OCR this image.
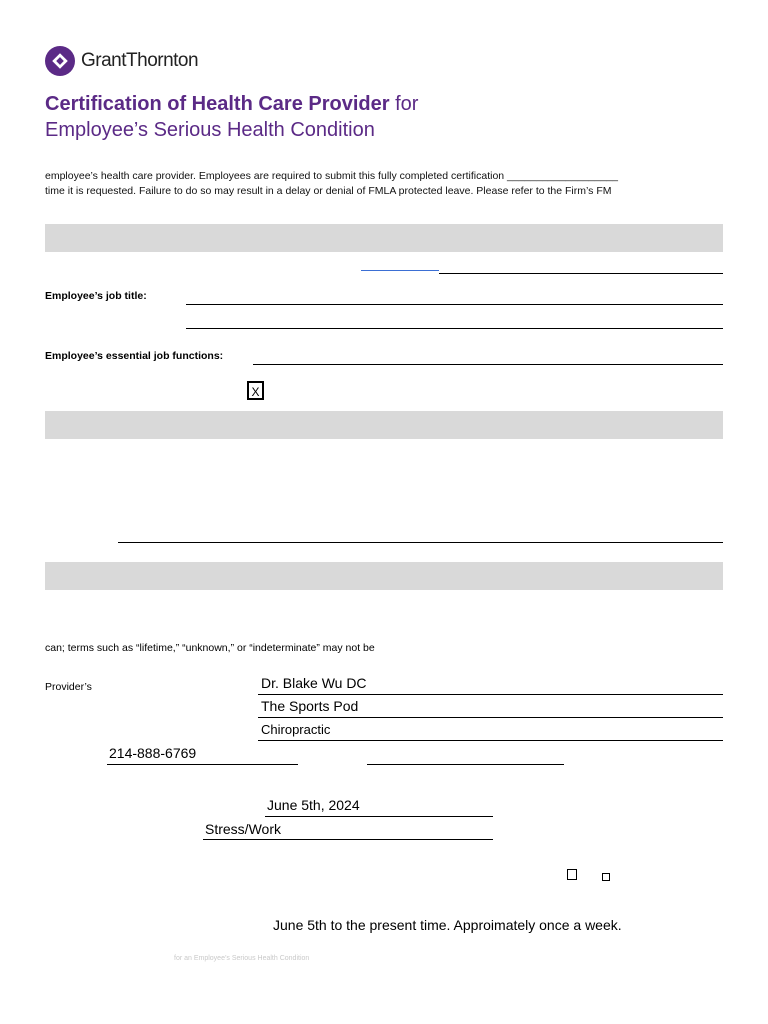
GrantThornton
Certification of Health Care Provider for
Employee’s Serious Health Condition
employee’s health care provider. Employees are required to submit this fully completed certification ___________________
time it is requested. Failure to do so may result in a delay or denial of FMLA protected leave. Please refer to the Firm’s FM
Employee’s job title:
Employee’s essential job functions:
X
can; terms such as “lifetime,” “unknown,” or “indeterminate” may not be
Provider’s	Dr. Blake Wu DC
The Sports Pod
Chiropractic
214-888-6769
June 5th, 2024
Stress/Work
June 5th to the present time. Approimately once a week.
for an Employee’s Serious Health Condition
